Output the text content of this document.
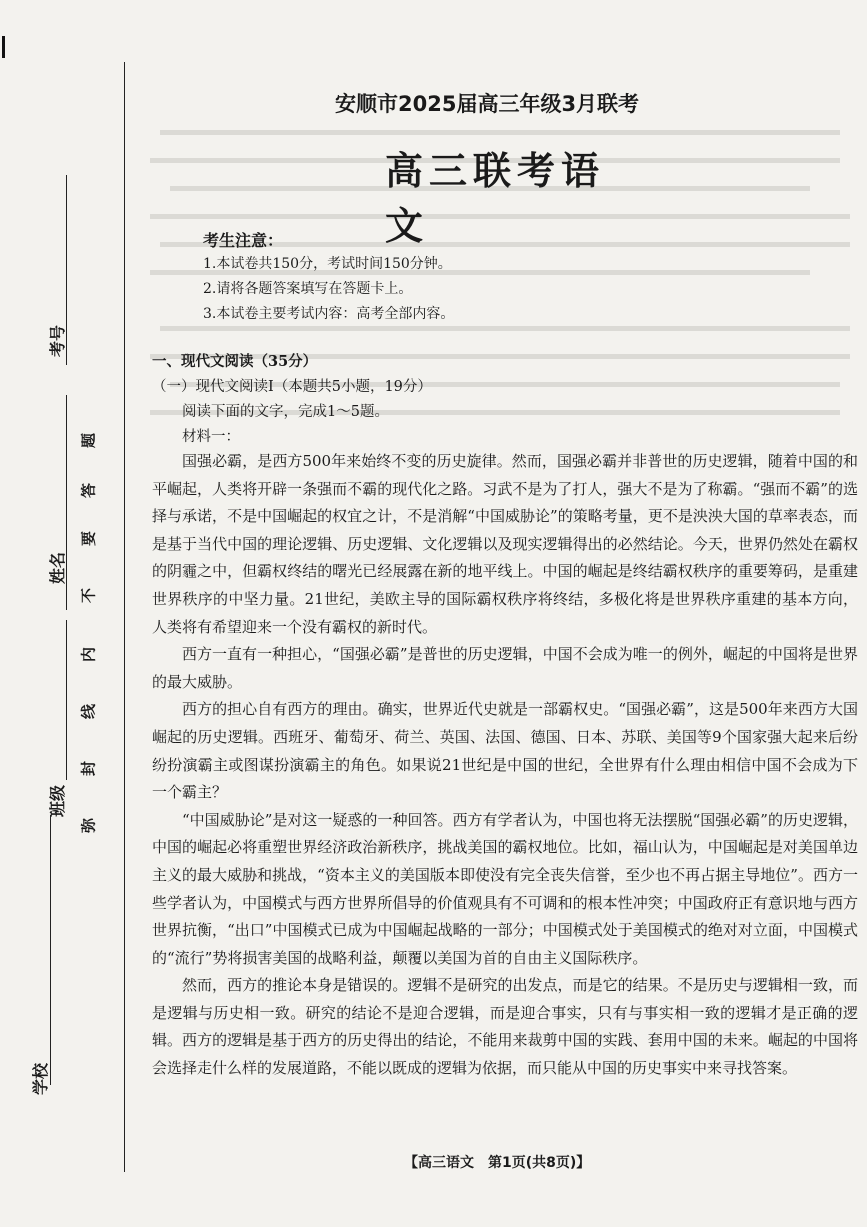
考号
姓名
班级
学校
弥
封
线
内
不
要
答
题
安顺市2025届高三年级3月联考
高三联考语文
考生注意：
1.本试卷共150分，考试时间150分钟。
2.请将各题答案填写在答题卡上。
3.本试卷主要考试内容：高考全部内容。
一、现代文阅读（35分）
（一）现代文阅读Ⅰ（本题共5小题，19分）
阅读下面的文字，完成1～5题。
材料一：

国强必霸，是西方500年来始终不变的历史旋律。然而，国强必霸并非普世的历史逻辑，随着中国的和平崛起，人类将开辟一条强而不霸的现代化之路。习武不是为了打人，强大不是为了称霸。“强而不霸”的选择与承诺，不是中国崛起的权宜之计，不是消解“中国威胁论”的策略考量，更不是泱泱大国的草率表态，而是基于当代中国的理论逻辑、历史逻辑、文化逻辑以及现实逻辑得出的必然结论。今天，世界仍然处在霸权的阴霾之中，但霸权终结的曙光已经展露在新的地平线上。中国的崛起是终结霸权秩序的重要筹码，是重建世界秩序的中坚力量。21世纪，美欧主导的国际霸权秩序将终结，多极化将是世界秩序重建的基本方向，人类将有希望迎来一个没有霸权的新时代。

西方一直有一种担心，“国强必霸”是普世的历史逻辑，中国不会成为唯一的例外，崛起的中国将是世界的最大威胁。

西方的担心自有西方的理由。确实，世界近代史就是一部霸权史。“国强必霸”，这是500年来西方大国崛起的历史逻辑。西班牙、葡萄牙、荷兰、英国、法国、德国、日本、苏联、美国等9个国家强大起来后纷纷扮演霸主或图谋扮演霸主的角色。如果说21世纪是中国的世纪，全世界有什么理由相信中国不会成为下一个霸主？

“中国威胁论”是对这一疑惑的一种回答。西方有学者认为，中国也将无法摆脱“国强必霸”的历史逻辑，中国的崛起必将重塑世界经济政治新秩序，挑战美国的霸权地位。比如，福山认为，中国崛起是对美国单边主义的最大威胁和挑战，“资本主义的美国版本即使没有完全丧失信誉，至少也不再占据主导地位”。西方一些学者认为，中国模式与西方世界所倡导的价值观具有不可调和的根本性冲突；中国政府正有意识地与西方世界抗衡，“出口”中国模式已成为中国崛起战略的一部分；中国模式处于美国模式的绝对对立面，中国模式的“流行”势将损害美国的战略利益，颠覆以美国为首的自由主义国际秩序。

然而，西方的推论本身是错误的。逻辑不是研究的出发点，而是它的结果。不是历史与逻辑相一致，而是逻辑与历史相一致。研究的结论不是迎合逻辑，而是迎合事实，只有与事实相一致的逻辑才是正确的逻辑。西方的逻辑是基于西方的历史得出的结论，不能用来裁剪中国的实践、套用中国的未来。崛起的中国将会选择走什么样的发展道路，不能以既成的逻辑为依据，而只能从中国的历史事实中来寻找答案。

【高三语文　第1页(共8页)】
